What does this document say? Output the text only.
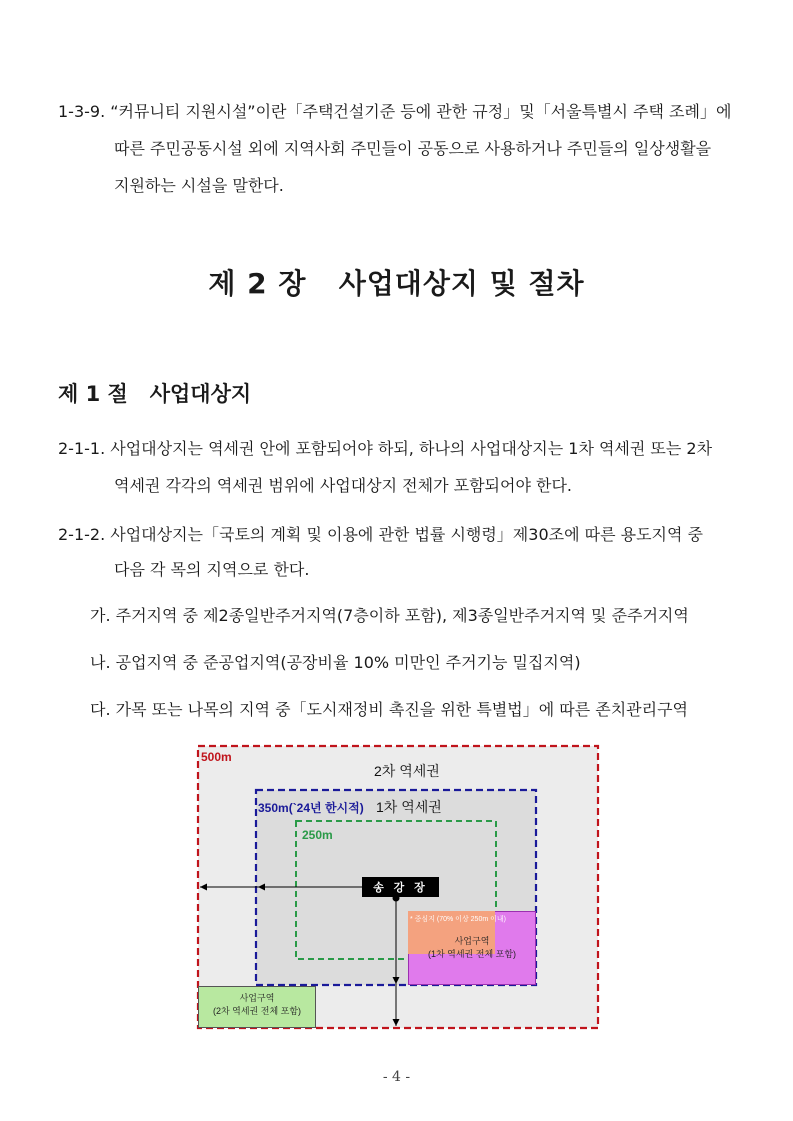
1-3-9. “커뮤니티 지원시설”이란「주택건설기준 등에 관한 규정」및「서울특별시 주택 조례」에
따른 주민공동시설 외에 지역사회 주민들이 공동으로 사용하거나 주민들의 일상생활을
지원하는 시설을 말한다.
제 2 장   사업대상지 및 절차
제 1 절   사업대상지
2-1-1. 사업대상지는 역세권 안에 포함되어야 하되, 하나의 사업대상지는 1차 역세권 또는 2차
역세권 각각의 역세권 범위에 사업대상지 전체가 포함되어야 한다.
2-1-2. 사업대상지는「국토의 계획 및 이용에 관한 법률 시행령」제30조에 따른 용도지역 중
다음 각 목의 지역으로 한다.
가. 주거지역 중 제2종일반주거지역(7층이하 포함), 제3종일반주거지역 및 준주거지역
나. 공업지역 중 준공업지역(공장비율 10% 미만인 주거기능 밀집지역)
다. 가목 또는 나목의 지역 중「도시재정비 촉진을 위한 특별법」에 따른 존치관리구역
500m
2차 역세권
350m(`24년 한시적) 1차 역세권
250m
송 강 장
* 중심지 (70% 이상 250m 이내)
사업구역
(1차 역세권 전체 포함)
사업구역
(2차 역세권 전체 포함)
- 4 -
